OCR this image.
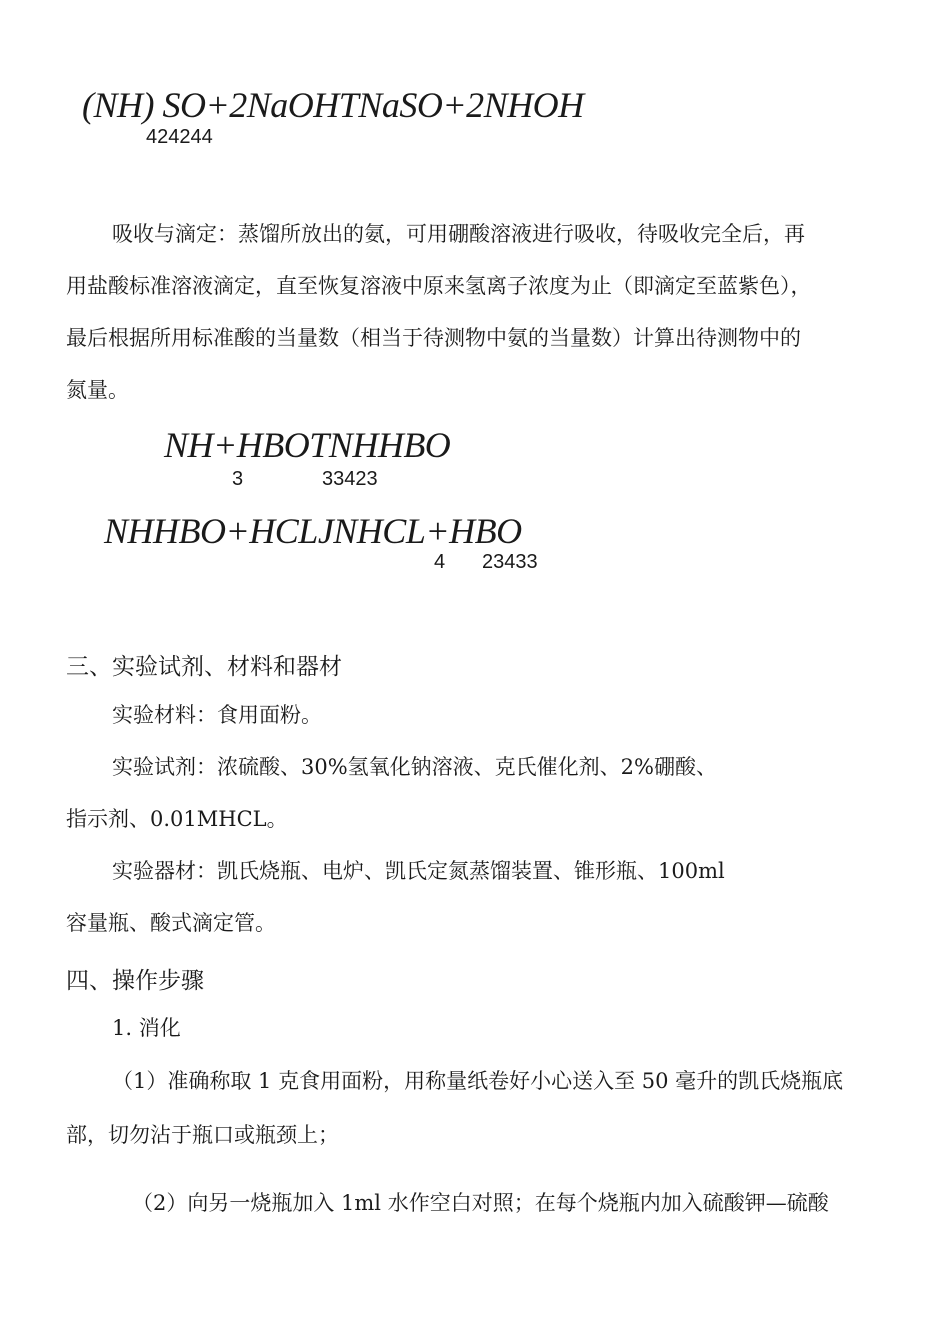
(NH) SO+2NaOHTNaSO+2NHOH
424244
吸收与滴定：蒸馏所放出的氨，可用硼酸溶液进行吸收，待吸收完全后，再
用盐酸标准溶液滴定，直至恢复溶液中原来氢离子浓度为止（即滴定至蓝紫色），
最后根据所用标准酸的当量数（相当于待测物中氨的当量数）计算出待测物中的
氮量。
NH+HBOTNHHBO
3	33423
NHHBO+HCLJNHCL+HBO
4 23433
三、实验试剂、材料和器材
实验材料：食用面粉。
实验试剂：浓硫酸、30%氢氧化钠溶液、克氏催化剂、2%硼酸、
指示剂、0.01MHCL。
实验器材：凯氏烧瓶、电炉、凯氏定氮蒸馏装置、锥形瓶、100ml
容量瓶、酸式滴定管。
四、操作步骤
1. 消化
（1）准确称取 1 克食用面粉，用称量纸卷好小心送入至 50 毫升的凯氏烧瓶底
部，切勿沾于瓶口或瓶颈上；
（2）向另一烧瓶加入 1ml 水作空白对照；在每个烧瓶内加入硫酸钾—硫酸
